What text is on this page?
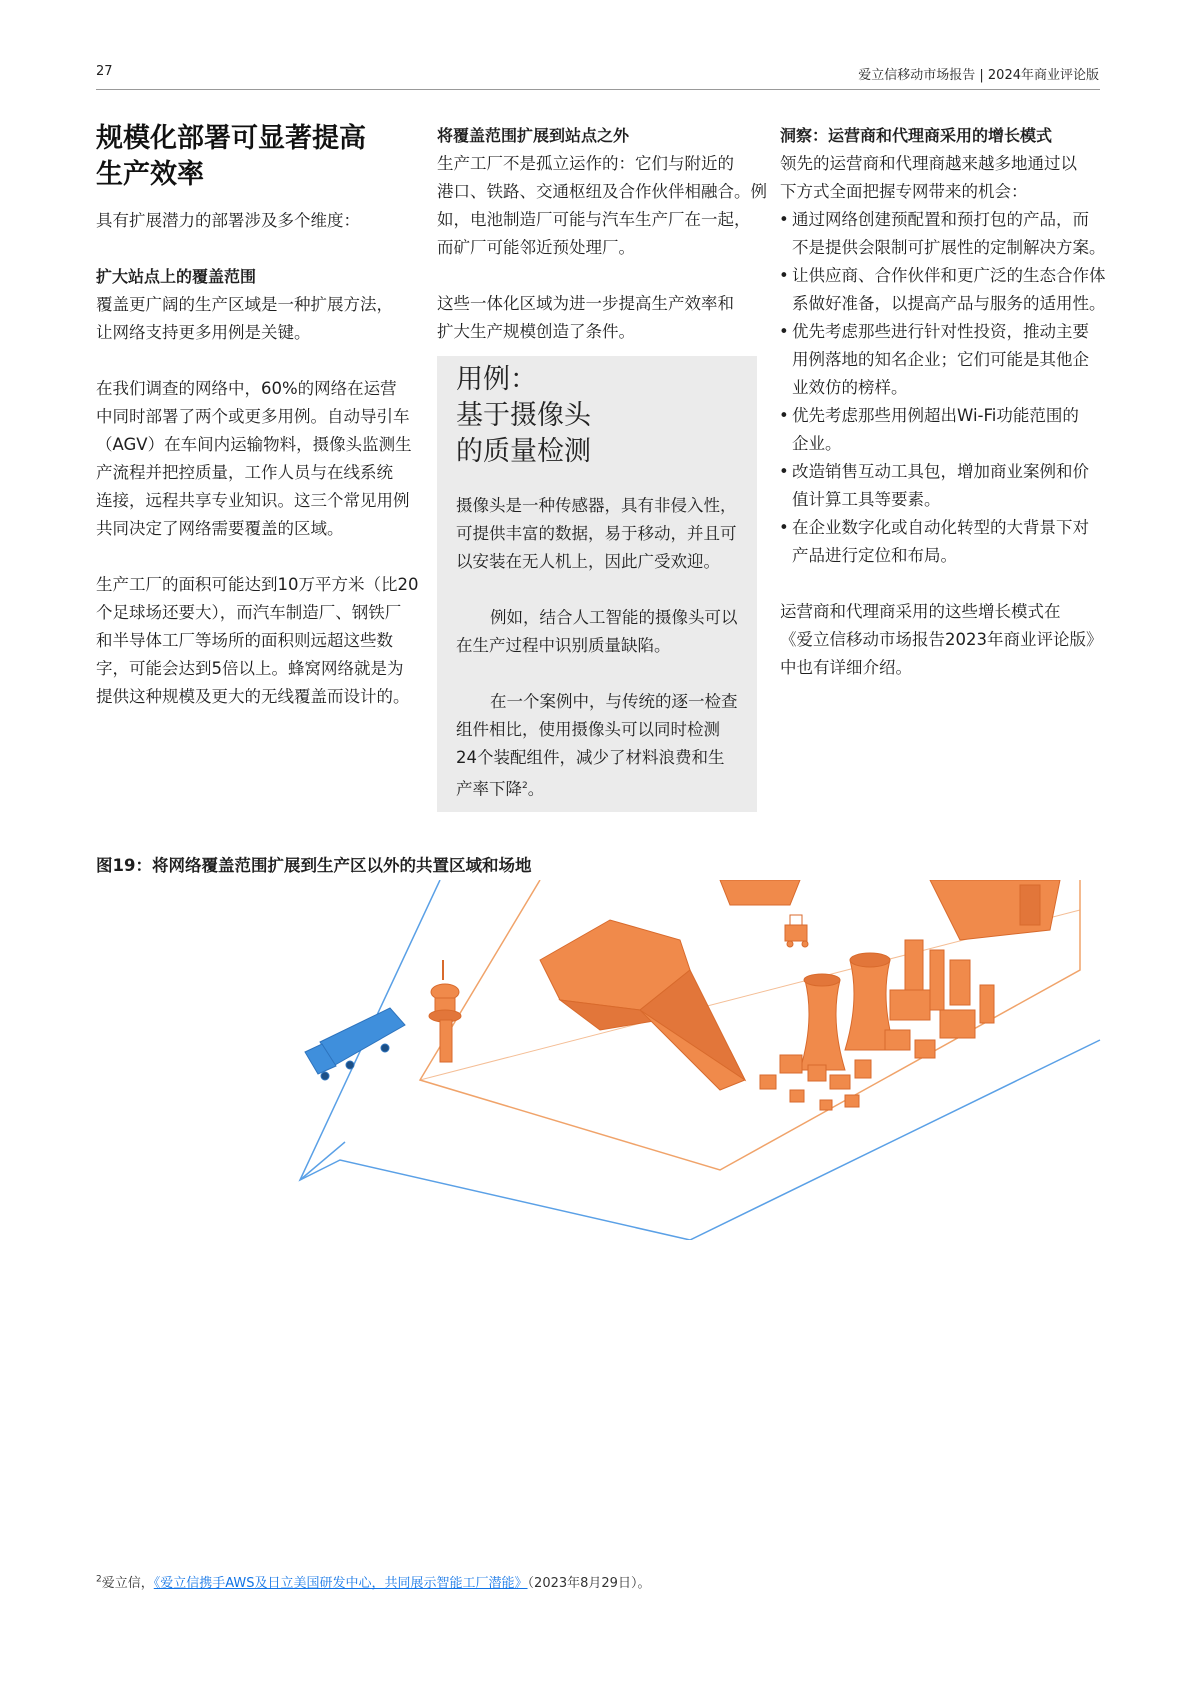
27	爱立信移动市场报告 | 2024年商业评论版
规模化部署可显著提高
生产效率

具有扩展潜力的部署涉及多个维度：

扩大站点上的覆盖范围

覆盖更广阔的生产区域是一种扩展方法，
让网络支持更多用例是关键。
在我们调查的网络中，60%的网络在运营
中同时部署了两个或更多用例。自动导引车
（AGV）在车间内运输物料，摄像头监测生
产流程并把控质量，工作人员与在线系统
连接，远程共享专业知识。这三个常见用例
共同决定了网络需要覆盖的区域。
生产工厂的面积可能达到10万平方米（比20
个足球场还要大），而汽车制造厂、钢铁厂
和半导体工厂等场所的面积则远超这些数
字，可能会达到5倍以上。蜂窝网络就是为
提供这种规模及更大的无线覆盖而设计的。

将覆盖范围扩展到站点之外

生产工厂不是孤立运作的：它们与附近的
港口、铁路、交通枢纽及合作伙伴相融合。例
如，电池制造厂可能与汽车生产厂在一起，
而矿厂可能邻近预处理厂。
这些一体化区域为进一步提高生产效率和
扩大生产规模创造了条件。
用例：
基于摄像头
的质量检测
摄像头是一种传感器，具有非侵入性，
可提供丰富的数据，易于移动，并且可
以安装在无人机上，因此广受欢迎。
例如，结合人工智能的摄像头可以
在生产过程中识别质量缺陷。
在一个案例中，与传统的逐一检查
组件相比，使用摄像头可以同时检测
24个装配组件，减少了材料浪费和生
产率下降$^2$。

洞察：运营商和代理商采用的增长模式

领先的运营商和代理商越来越多地通过以
下方式全面把握专网带来的机会：
• 通过网络创建预配置和预打包的产品，而
不是提供会限制可扩展性的定制解决方案。
• 让供应商、合作伙伴和更广泛的生态合作体
系做好准备，以提高产品与服务的适用性。
• 优先考虑那些进行针对性投资，推动主要
用例落地的知名企业；它们可能是其他企
业效仿的榜样。
• 优先考虑那些用例超出Wi-Fi功能范围的
企业。
• 改造销售互动工具包，增加商业案例和价
值计算工具等要素。
• 在企业数字化或自动化转型的大背景下对
产品进行定位和布局。
运营商和代理商采用的这些增长模式在
《爱立信移动市场报告2023年商业评论版》
中也有详细介绍。
图19：将网络覆盖范围扩展到生产区以外的共置区域和场地
$^2$爱立信，《爱立信携手AWS及日立美国研发中心，共同展示智能工厂潜能》（2023年8月29日）。
